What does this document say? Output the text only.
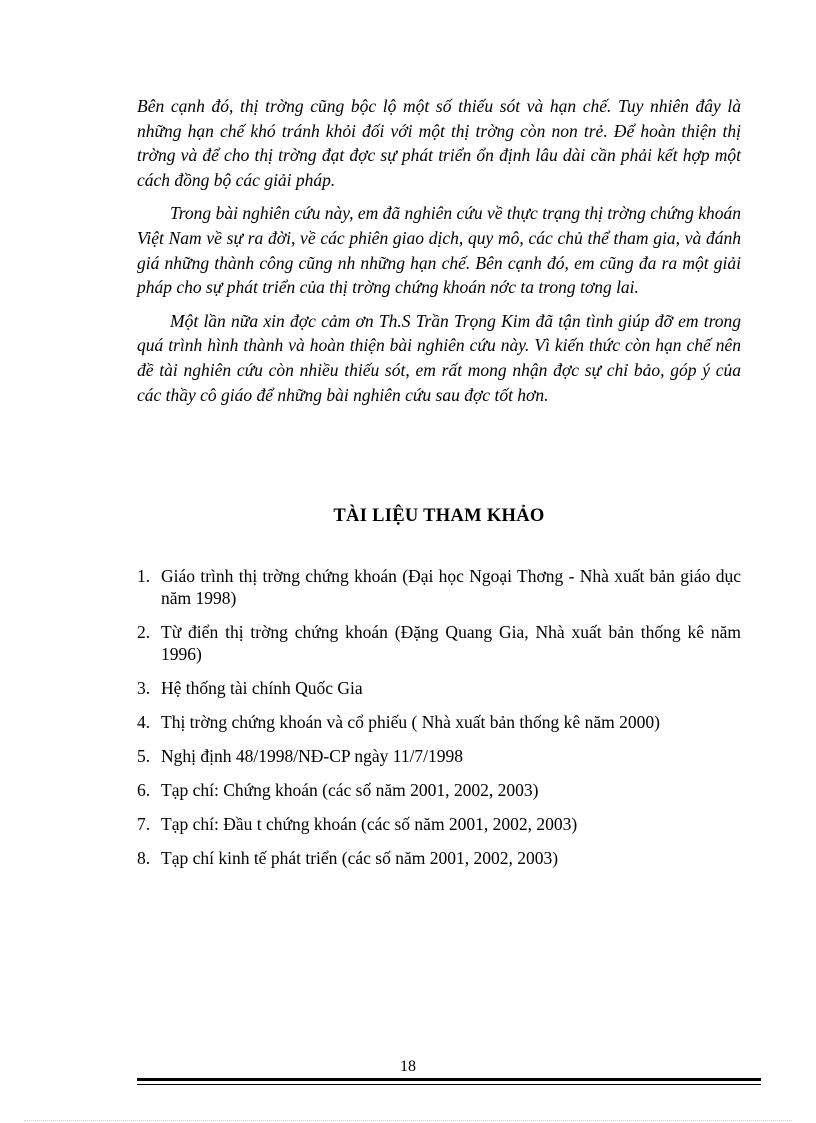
Bên cạnh đó, thị trờng cũng bộc lộ một số thiếu sót và hạn chế. Tuy nhiên đây là những hạn chế khó tránh khỏi đối với một thị trờng còn non trẻ. Để hoàn thiện thị trờng và để cho thị trờng đạt đợc sự phát triển ổn định lâu dài cần phải kết hợp một cách đồng bộ các giải pháp.

Trong bài nghiên cứu này, em đã nghiên cứu về thực trạng thị trờng chứng khoán Việt Nam về sự ra đời, về các phiên giao dịch, quy mô, các chủ thể tham gia, và đánh giá những thành công cũng nh những hạn chế. Bên cạnh đó, em cũng đa ra một giải pháp cho sự phát triển của thị trờng chứng khoán nớc ta trong tơng lai.

Một lần nữa xin đợc cảm ơn Th.S Trần Trọng Kim đã tận tình giúp đỡ em trong quá trình hình thành và hoàn thiện bài nghiên cứu này. Vì kiến thức còn hạn chế nên đề tài nghiên cứu còn nhiều thiếu sót, em rất mong nhận đợc sự chỉ bảo, góp ý của các thầy cô giáo để những bài nghiên cứu sau đợc tốt hơn.

TÀI LIỆU THAM KHẢO
1. Giáo trình thị trờng chứng khoán (Đại học Ngoại Thơng - Nhà xuất bản giáo dục năm 1998)
2. Từ điển thị trờng chứng khoán (Đặng Quang Gia, Nhà xuất bản thống kê năm 1996)
3. Hệ thống tài chính Quốc Gia
4. Thị trờng chứng khoán và cổ phiếu ( Nhà xuất bản thống kê năm 2000)
5. Nghị định 48/1998/NĐ-CP ngày 11/7/1998
6. Tạp chí: Chứng khoán (các số năm 2001, 2002, 2003)
7. Tạp chí: Đầu t chứng khoán (các số năm 2001, 2002, 2003)
8. Tạp chí kinh tế phát triển (các số năm 2001, 2002, 2003)
18
